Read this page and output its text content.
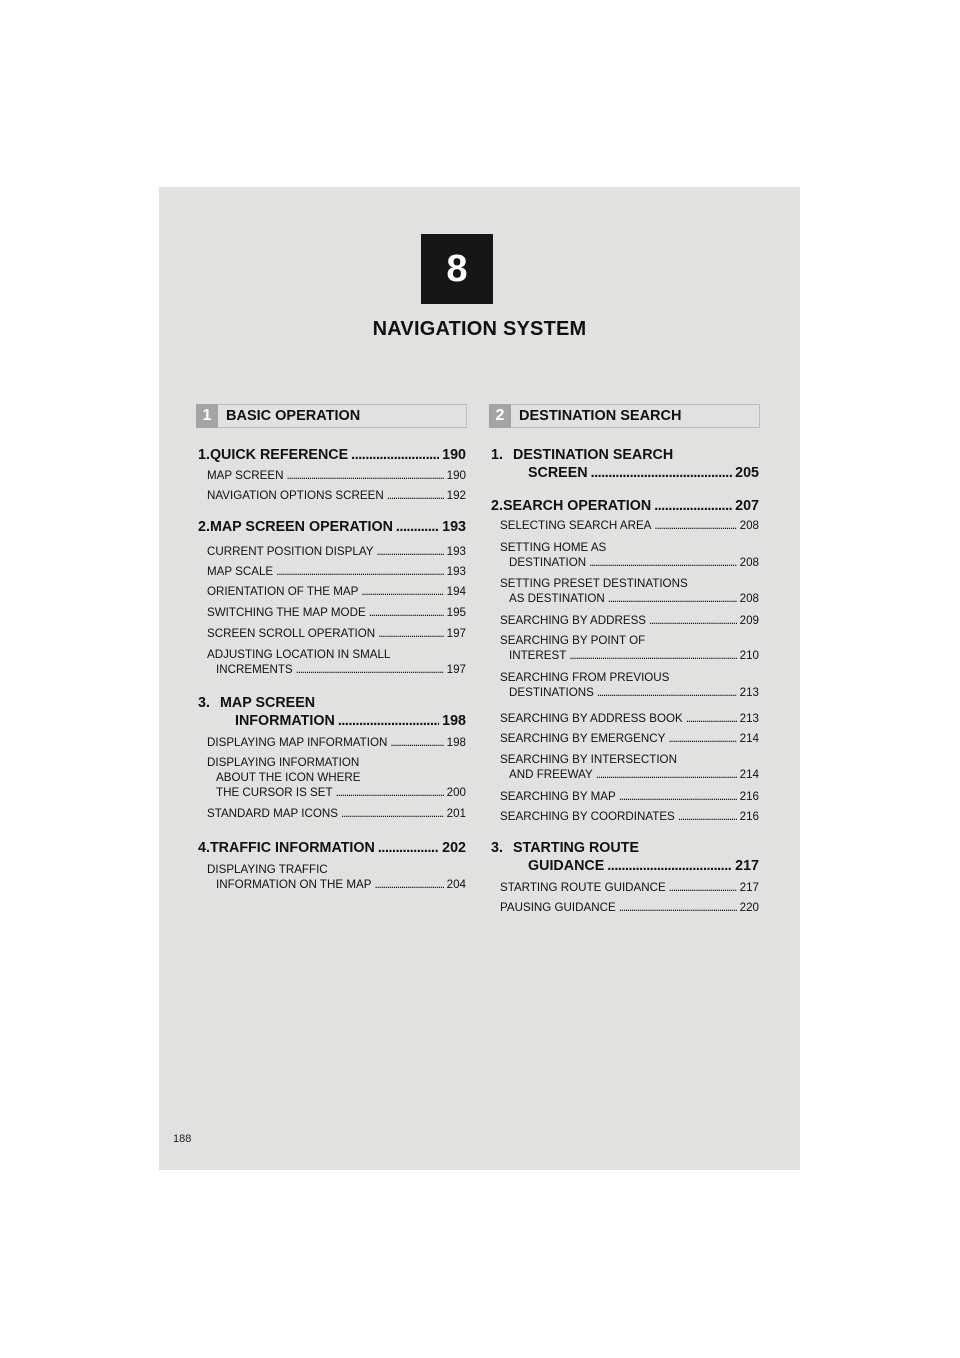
8
NAVIGATION SYSTEM
1	BASIC OPERATION	2	DESTINATION SEARCH
1. QUICK REFERENCE . . .	190
MAP SCREEN . . .	190
NAVIGATION OPTIONS SCREEN . . .	192
2. MAP SCREEN OPERATION . . .	193
CURRENT POSITION DISPLAY . . .	193
MAP SCALE . . .	193
ORIENTATION OF THE MAP . . .	194
SWITCHING THE MAP MODE . . .	195
SCREEN SCROLL OPERATION . . .	197
ADJUSTING LOCATION IN SMALL
INCREMENTS . . .	197
3. MAP SCREEN
INFORMATION . . .	198
DISPLAYING MAP INFORMATION . . .	198
DISPLAYING INFORMATION
ABOUT THE ICON WHERE
THE CURSOR IS SET . . .	200
STANDARD MAP ICONS . . .	201
4. TRAFFIC INFORMATION . . .	202
DISPLAYING TRAFFIC
INFORMATION ON THE MAP . . .	204
1. DESTINATION SEARCH
SCREEN . . .	205
2. SEARCH OPERATION . . .	207
SELECTING SEARCH AREA . . .	208
SETTING HOME AS
DESTINATION . . .	208
SETTING PRESET DESTINATIONS
AS DESTINATION . . .	208
SEARCHING BY ADDRESS . . .	209
SEARCHING BY POINT OF
INTEREST . . .	210
SEARCHING FROM PREVIOUS
DESTINATIONS . . .	213
SEARCHING BY ADDRESS BOOK . . .	213
SEARCHING BY EMERGENCY . . .	214
SEARCHING BY INTERSECTION
AND FREEWAY . . .	214
SEARCHING BY MAP . . .	216
SEARCHING BY COORDINATES . . .	216
3. STARTING ROUTE
GUIDANCE . . .	217
STARTING ROUTE GUIDANCE . . .	217
PAUSING GUIDANCE . . .	220
188
